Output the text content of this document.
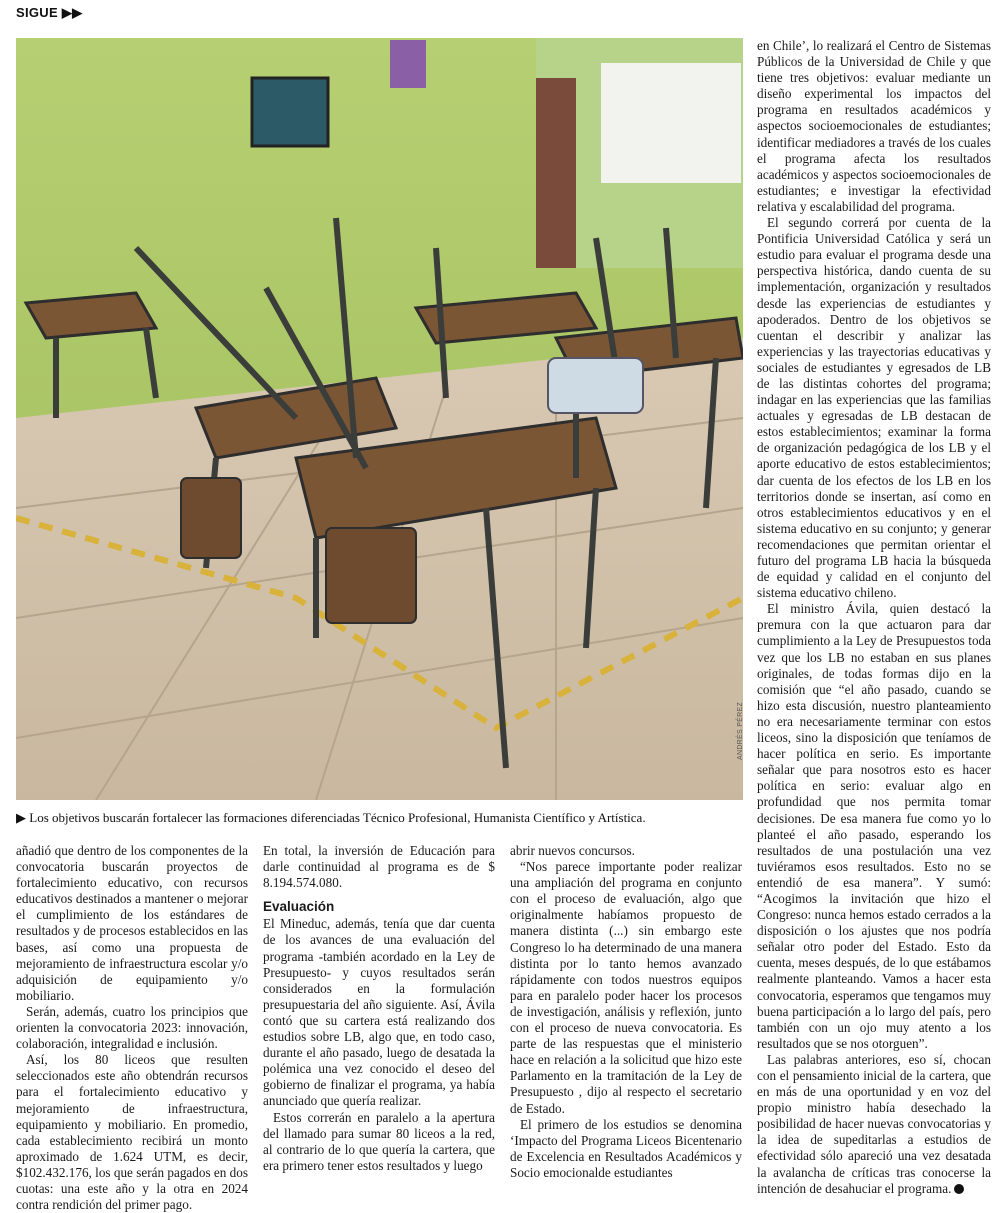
SIGUE ▶▶
ANDRÉS PÉREZ
▶ Los objetivos buscarán fortalecer las formaciones diferenciadas Técnico Profesional, Humanista Científico y Artística.

añadió que dentro de los componentes de la convocatoria buscarán proyectos de fortalecimiento educativo, con recursos educativos destinados a mantener o mejorar el cumplimiento de los estándares de resultados y de procesos establecidos en las bases, así como una propuesta de mejoramiento de infraestructura escolar y/o adquisición de equipamiento y/o mobiliario.

Serán, además, cuatro los principios que orienten la convocatoria 2023: innovación, colaboración, integralidad e inclusión.

Así, los 80 liceos que resulten seleccionados este año obtendrán recursos para el fortalecimiento educativo y mejoramiento de infraestructura, equipamiento y mobiliario. En promedio, cada establecimiento recibirá un monto aproximado de 1.624 UTM, es decir, $102.432.176, los que serán pagados en dos cuotas: una este año y la otra en 2024 contra rendición del primer pago.

En total, la inversión de Educación para darle continuidad al programa es de $ 8.194.574.080.

Evaluación

El Mineduc, además, tenía que dar cuenta de los avances de una evaluación del programa -también acordado en la Ley de Presupuesto- y cuyos resultados serán considerados en la formulación presupuestaria del año siguiente. Así, Ávila contó que su cartera está realizando dos estudios sobre LB, algo que, en todo caso, durante el año pasado, luego de desatada la polémica una vez conocido el deseo del gobierno de finalizar el programa, ya había anunciado que quería realizar.

Estos correrán en paralelo a la apertura del llamado para sumar 80 liceos a la red, al contrario de lo que quería la cartera, que era primero tener estos resultados y luego

abrir nuevos concursos.

“Nos parece importante poder realizar una ampliación del programa en conjunto con el proceso de evaluación, algo que originalmente habíamos propuesto de manera distinta (...) sin embargo este Congreso lo ha determinado de una manera distinta por lo tanto hemos avanzado rápidamente con todos nuestros equipos para en paralelo poder hacer los procesos de investigación, análisis y reflexión, junto con el proceso de nueva convocatoria. Es parte de las respuestas que el ministerio hace en relación a la solicitud que hizo este Parlamento en la tramitación de la Ley de Presupuesto , dijo al respecto el secretario de Estado.

El primero de los estudios se denomina ‘Impacto del Programa Liceos Bicentenario de Excelencia en Resultados Académicos y Socio emocionalde estudiantes

en Chile’, lo realizará el Centro de Sistemas Públicos de la Universidad de Chile y que tiene tres objetivos: evaluar mediante un diseño experimental los impactos del programa en resultados académicos y aspectos socioemocionales de estudiantes; identificar mediadores a través de los cuales el programa afecta los resultados académicos y aspectos socioemocionales de estudiantes; e investigar la efectividad relativa y escalabilidad del programa.

El segundo correrá por cuenta de la Pontificia Universidad Católica y será un estudio para evaluar el programa desde una perspectiva histórica, dando cuenta de su implementación, organización y resultados desde las experiencias de estudiantes y apoderados. Dentro de los objetivos se cuentan el describir y analizar las experiencias y las trayectorias educativas y sociales de estudiantes y egresados de LB de las distintas cohortes del programa; indagar en las experiencias que las familias actuales y egresadas de LB destacan de estos establecimientos; examinar la forma de organización pedagógica de los LB y el aporte educativo de estos establecimientos; dar cuenta de los efectos de los LB en los territorios donde se insertan, así como en otros establecimientos educativos y en el sistema educativo en su conjunto; y generar recomendaciones que permitan orientar el futuro del programa LB hacia la búsqueda de equidad y calidad en el conjunto del sistema educativo chileno.

El ministro Ávila, quien destacó la premura con la que actuaron para dar cumplimiento a la Ley de Presupuestos toda vez que los LB no estaban en sus planes originales, de todas formas dijo en la comisión que “el año pasado, cuando se hizo esta discusión, nuestro planteamiento no era necesariamente terminar con estos liceos, sino la disposición que teníamos de hacer política en serio. Es importante señalar que para nosotros esto es hacer política en serio: evaluar algo en profundidad que nos permita tomar decisiones. De esa manera fue como yo lo planteé el año pasado, esperando los resultados de una postulación una vez tuviéramos esos resultados. Esto no se entendió de esa manera”. Y sumó: “Acogimos la invitación que hizo el Congreso: nunca hemos estado cerrados a la disposición o los ajustes que nos podría señalar otro poder del Estado. Esto da cuenta, meses después, de lo que estábamos realmente planteando. Vamos a hacer esta convocatoria, esperamos que tengamos muy buena participación a lo largo del país, pero también con un ojo muy atento a los resultados que se nos otorguen”.

Las palabras anteriores, eso sí, chocan con el pensamiento inicial de la cartera, que en más de una oportunidad y en voz del propio ministro había desechado la posibilidad de hacer nuevas convocatorias y la idea de supeditarlas a estudios de efectividad sólo apareció una vez desatada la avalancha de críticas tras conocerse la intención de desahuciar el programa.
